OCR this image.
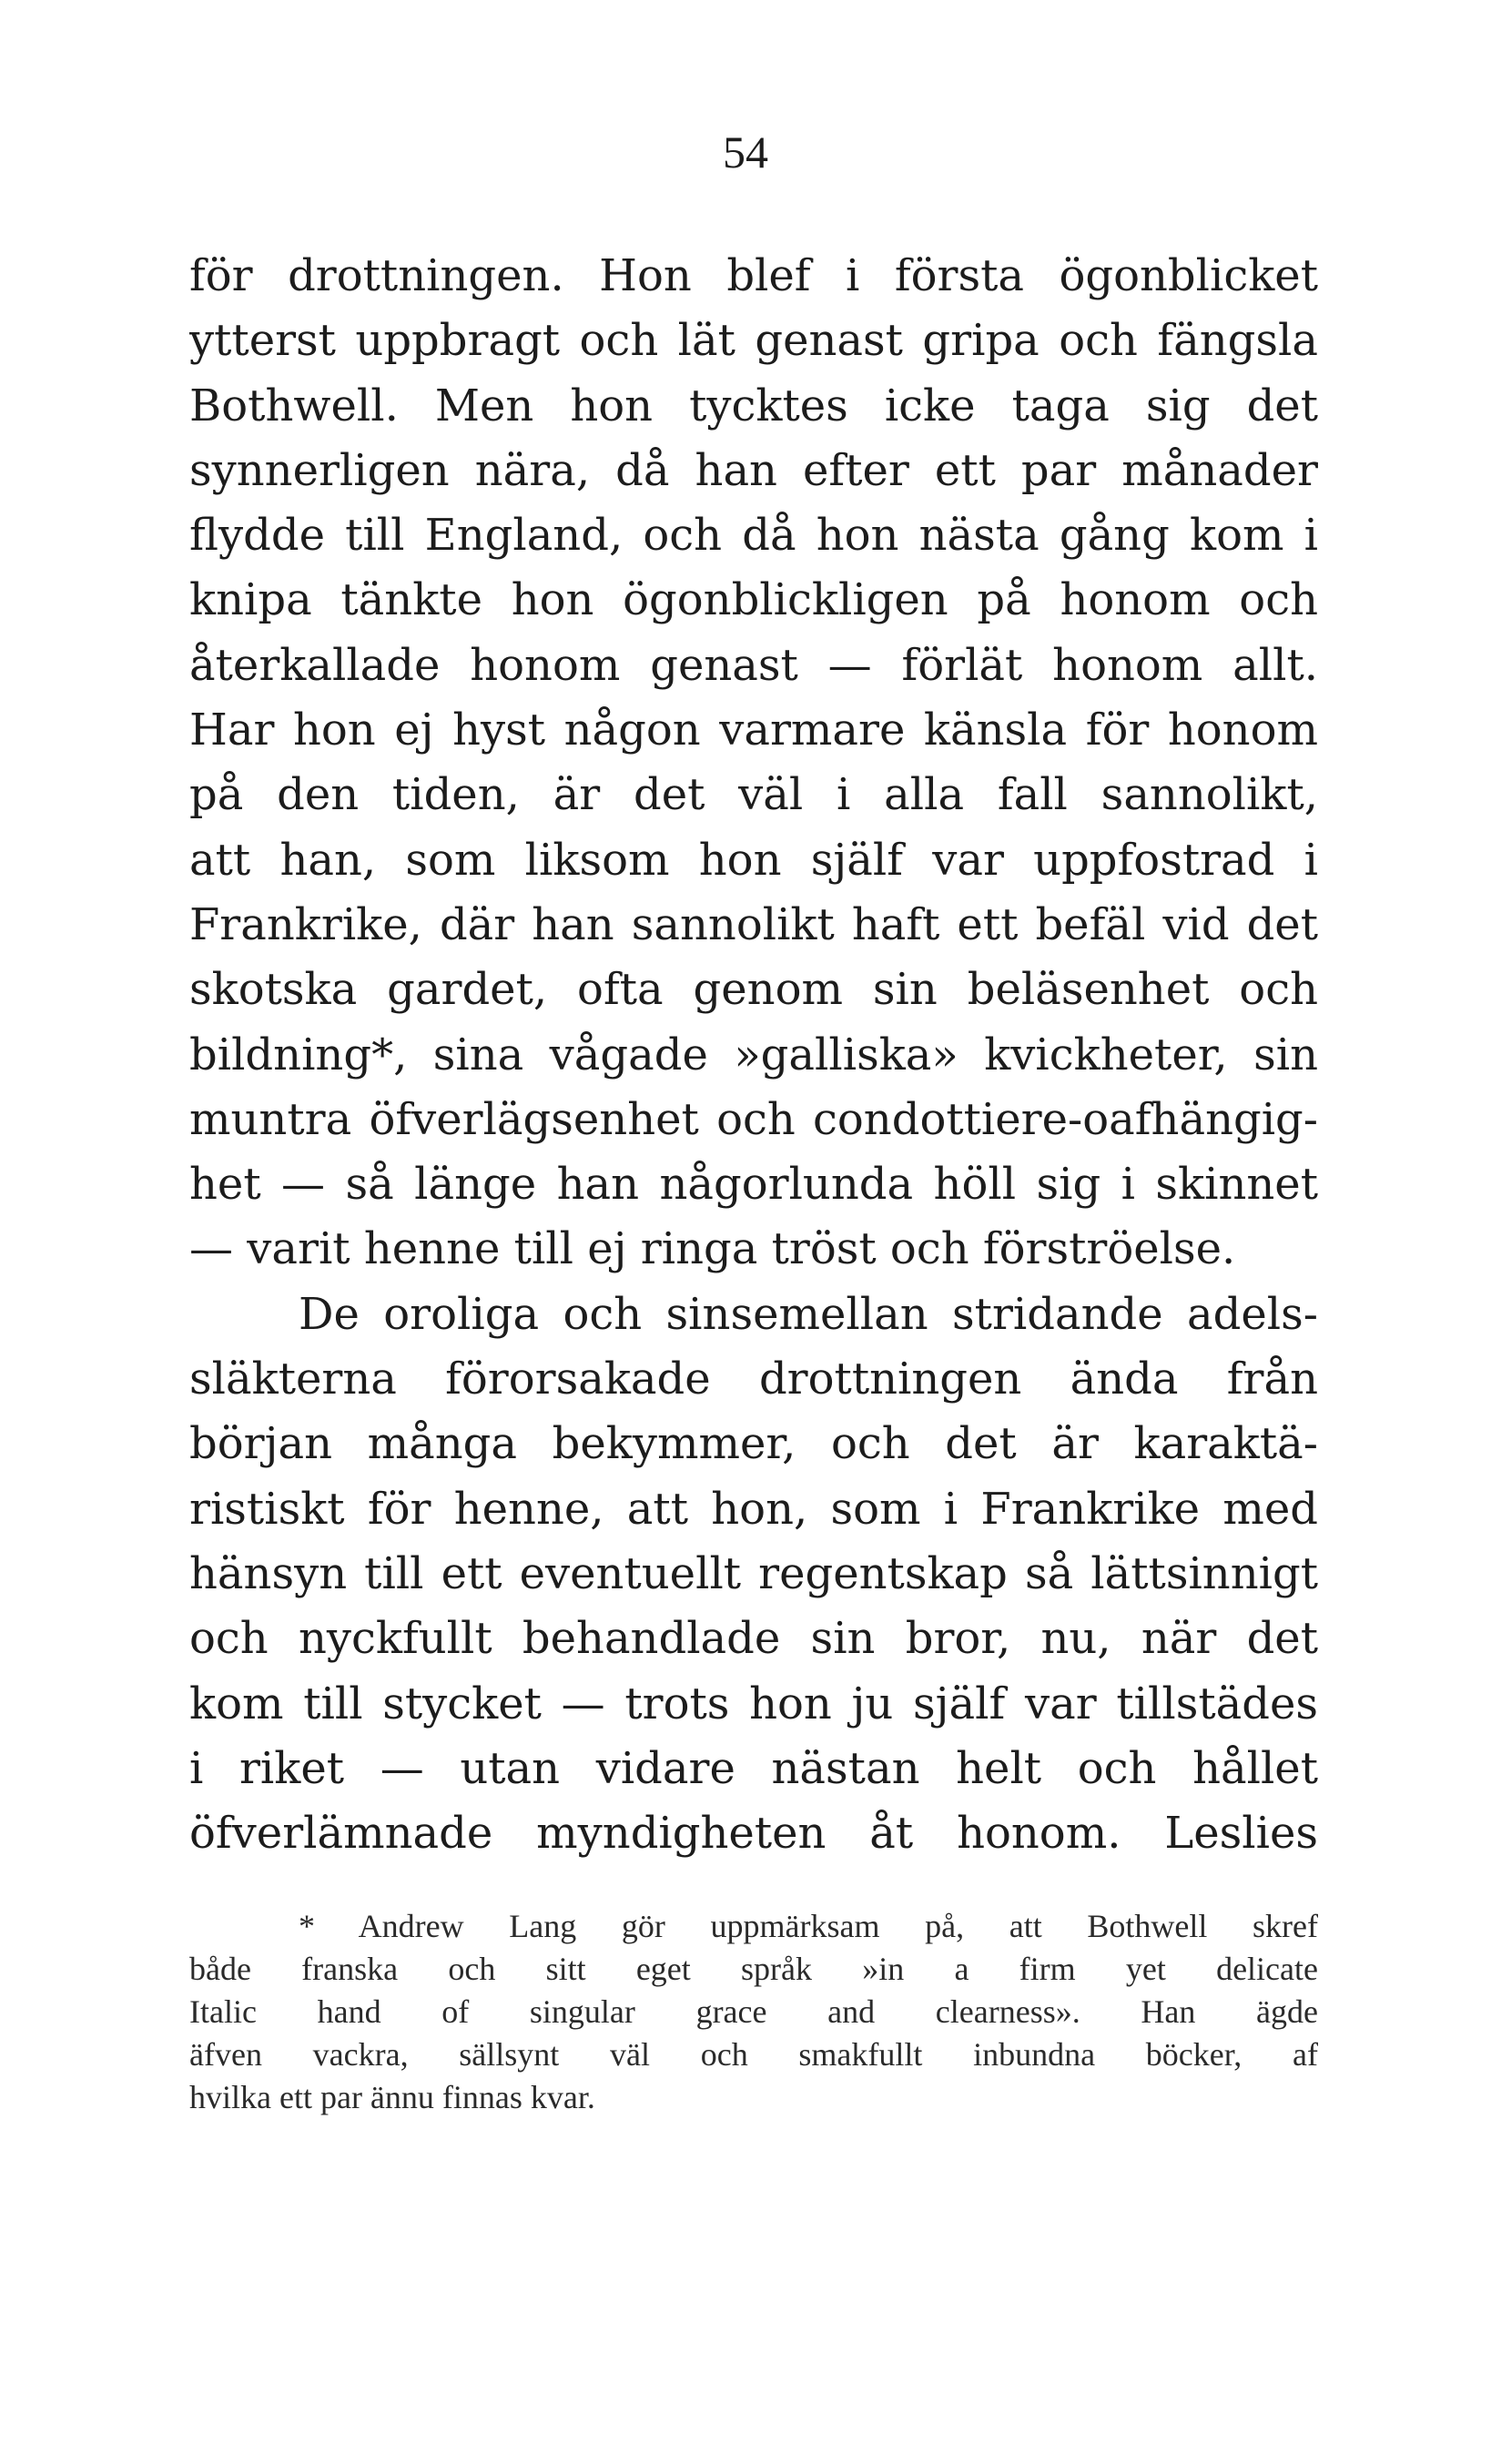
54
för drottningen. Hon blef i första ögonblicket
ytterst uppbragt och lät genast gripa och fängsla
Bothwell. Men hon tycktes icke taga sig det
synnerligen nära, då han efter ett par månader
flydde till England, och då hon nästa gång kom i
knipa tänkte hon ögonblickligen på honom och
återkallade honom genast — förlät honom allt.
Har hon ej hyst någon varmare känsla för honom
på den tiden, är det väl i alla fall sannolikt,
att han, som liksom hon själf var uppfostrad i
Frankrike, där han sannolikt haft ett befäl vid det
skotska gardet, ofta genom sin beläsenhet och
bildning*, sina vågade »galliska» kvickheter, sin
muntra öfverlägsenhet och condottiere-oafhängig-
het — så länge han någorlunda höll sig i skinnet
— varit henne till ej ringa tröst och förströelse.
De oroliga och sinsemellan stridande adels-
släkterna förorsakade drottningen ända från
början många bekymmer, och det är karaktä-
ristiskt för henne, att hon, som i Frankrike med
hänsyn till ett eventuellt regentskap så lättsinnigt
och nyckfullt behandlade sin bror, nu, när det
kom till stycket — trots hon ju själf var tillstädes
i riket — utan vidare nästan helt och hållet
öfverlämnade myndigheten åt honom. Leslies
* Andrew Lang gör uppmärksam på, att Bothwell skref
både franska och sitt eget språk »in a firm yet delicate
Italic hand of singular grace and clearness». Han ägde
äfven vackra, sällsynt väl och smakfullt inbundna böcker, af
hvilka ett par ännu finnas kvar.
